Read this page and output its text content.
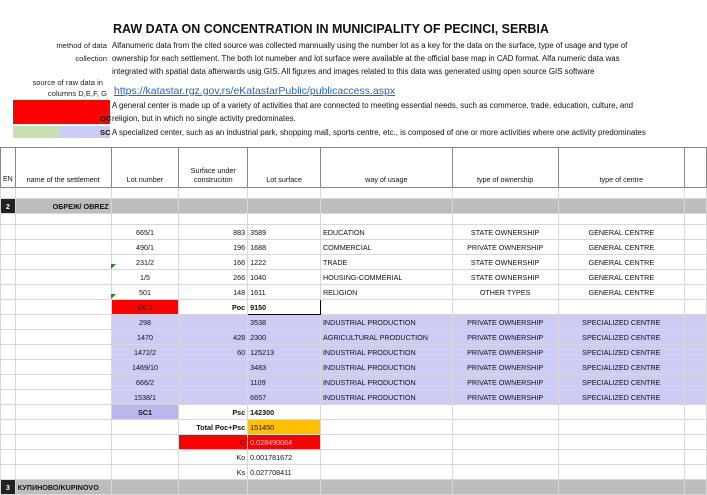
RAW DATA ON CONCENTRATION IN MUNICIPALITY OF PECINCI, SERBIA
method of data
collection
Alfanumeric data from the cited source was collected mannually using the number lot as a key for the data on the surface, type of usage and type of
ownership for each settlement. The both lot numeber and lot surface were available at the official base map in CAD format. Alfa numeric data was
integrated with spatial data afterwards usig GIS. All figures and images related to this data was generated using open source GIS software
source of raw data in
columns D,E,F, G https://katastar.rgz.gov.rs/eKatastarPublic/publicaccess.aspx
OC
A general center is made up of a variety of activities that are connected to meeting essential needs, such as commerce, trade, education, culture, and
religion, but in which no single activity predominates.
SC A specialized center, such as an industrial park, shopping mall, sports centre, etc., is composed of one or more activities where one activity predominates
EN	name of the settlement	Lot number	Surface under construciton	Lot surface	way of usage	type of ownership	type of centre	

2	ОБРЕЖ/ OBREZ							

		665/1	883	3589	EDUCATION	STATE OWNERSHIP	GENERAL CENTRE	
		490/1	196	1688	COMMERCIAL	PRIVATE OWNERSHIP	GENERAL CENTRE	
		231/2	166	1222	TRADE	STATE OWNERSHIP	GENERAL CENTRE	
		1/5	266	1040	HOUSING-COMMERIAL	STATE OWNERSHIP	GENERAL CENTRE	
		501	148	1611	RELIGION	OTHER TYPES	GENERAL CENTRE	
		OC1	Poc	9150				
		298		3538	INDUSTRIAL PRODUCTION	PRIVATE OWNERSHIP	SPECIALIZED CENTRE	
		1470	428	2300	AGRICULTURAL PRODUCTION	PRIVATE OWNERSHIP	SPECIALIZED CENTRE	
		1472/2	60	125213	INDUSTRIAL PRODUCTION	PRIVATE OWNERSHIP	SPECIALIZED CENTRE	
		1469/10		3483	INDUSTRIAL PRODUCTION	PRIVATE OWNERSHIP	SPECIALIZED CENTRE	
		666/2		1109	INDUSTRIAL PRODUCTION	PRIVATE OWNERSHIP	SPECIALIZED CENTRE	
		1538/1		6657	INDUSTRIAL PRODUCTION	PRIVATE OWNERSHIP	SPECIALIZED CENTRE	
		SC1	Psc	142300				
			Total Poc+Psc	151450				
			C	0.028490064				
			Ko	0.001781672				
			Ks	0.027708411				
3	КУПИНОВО/KUPINOVO							
